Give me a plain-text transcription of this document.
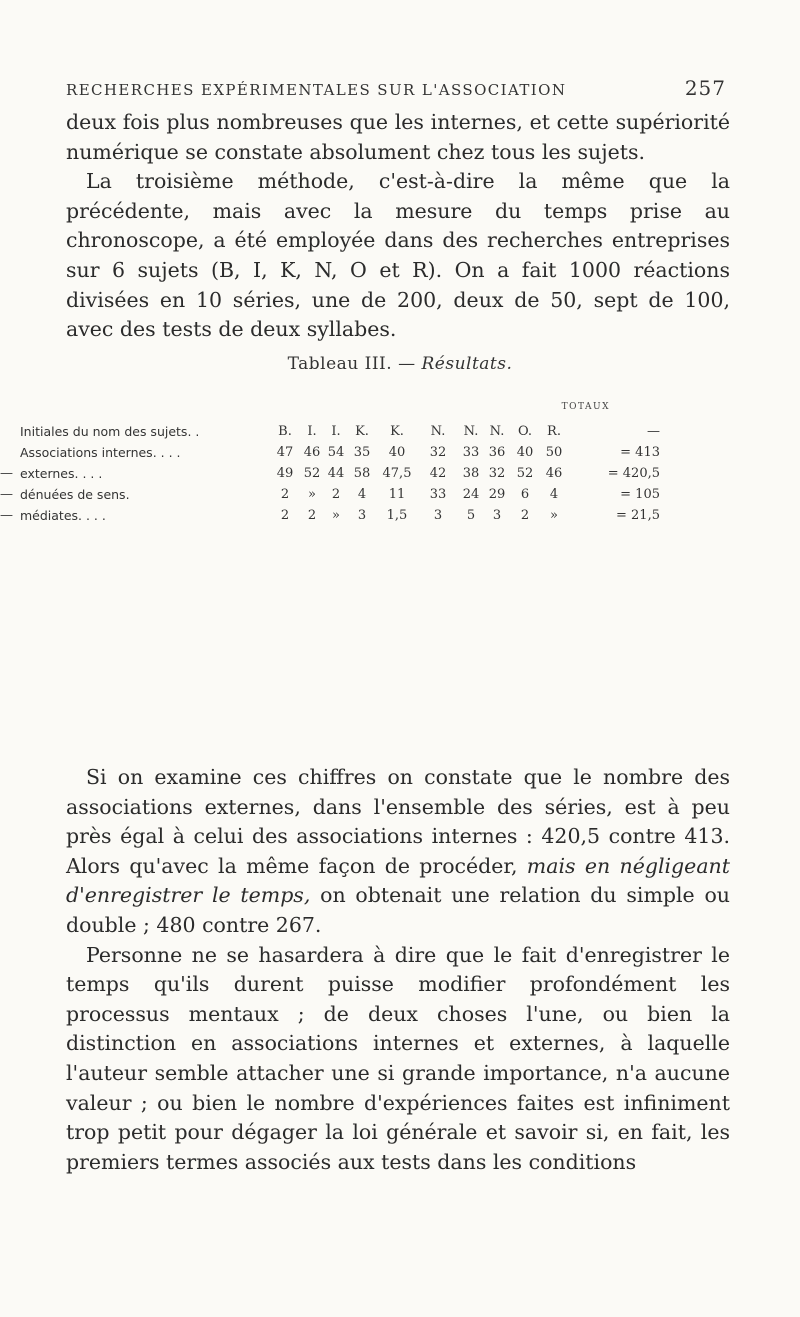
RECHERCHES EXPÉRIMENTALES SUR L'ASSOCIATION	257

deux fois plus nombreuses que les internes, et cette supériorité numérique se constate absolument chez tous les sujets.

La troisième méthode, c'est-à-dire la même que la précédente, mais avec la mesure du temps prise au chronoscope, a été employée dans des recherches entreprises sur 6 sujets (B, I, K, N, O et R). On a fait 1000 réactions divisées en 10 séries, une de 200, deux de 50, sept de 100, avec des tests de deux syllabes.

Tableau III. — Résultats.
TOTAUX
	Initiales du nom des sujets. .	B.	I.	I.	K.	K.	N.	N.	N.	O.	R.	—
	Associations internes. . . .	47	46	54	35	40	32	33	36	40	50	= 413
—	externes. . . .	49	52	44	58	47,5	42	38	32	52	46	= 420,5
—	dénuées de sens.	2	»	2	4	11	33	24	29	6	4	= 105
—	médiates. . . .	2	2	»	3	1,5	3	5	3	2	»	= 21,5

Si on examine ces chiffres on constate que le nombre des associations externes, dans l'ensemble des séries, est à peu près égal à celui des associations internes : 420,5 contre 413. Alors qu'avec la même façon de procéder, mais en négligeant d'enregistrer le temps, on obtenait une relation du simple ou double ; 480 contre 267.

Personne ne se hasardera à dire que le fait d'enregistrer le temps qu'ils durent puisse modifier profondément les processus mentaux ; de deux choses l'une, ou bien la distinction en associations internes et externes, à laquelle l'auteur semble attacher une si grande importance, n'a aucune valeur ; ou bien le nombre d'expériences faites est infiniment trop petit pour dégager la loi générale et savoir si, en fait, les premiers termes associés aux tests dans les conditions
